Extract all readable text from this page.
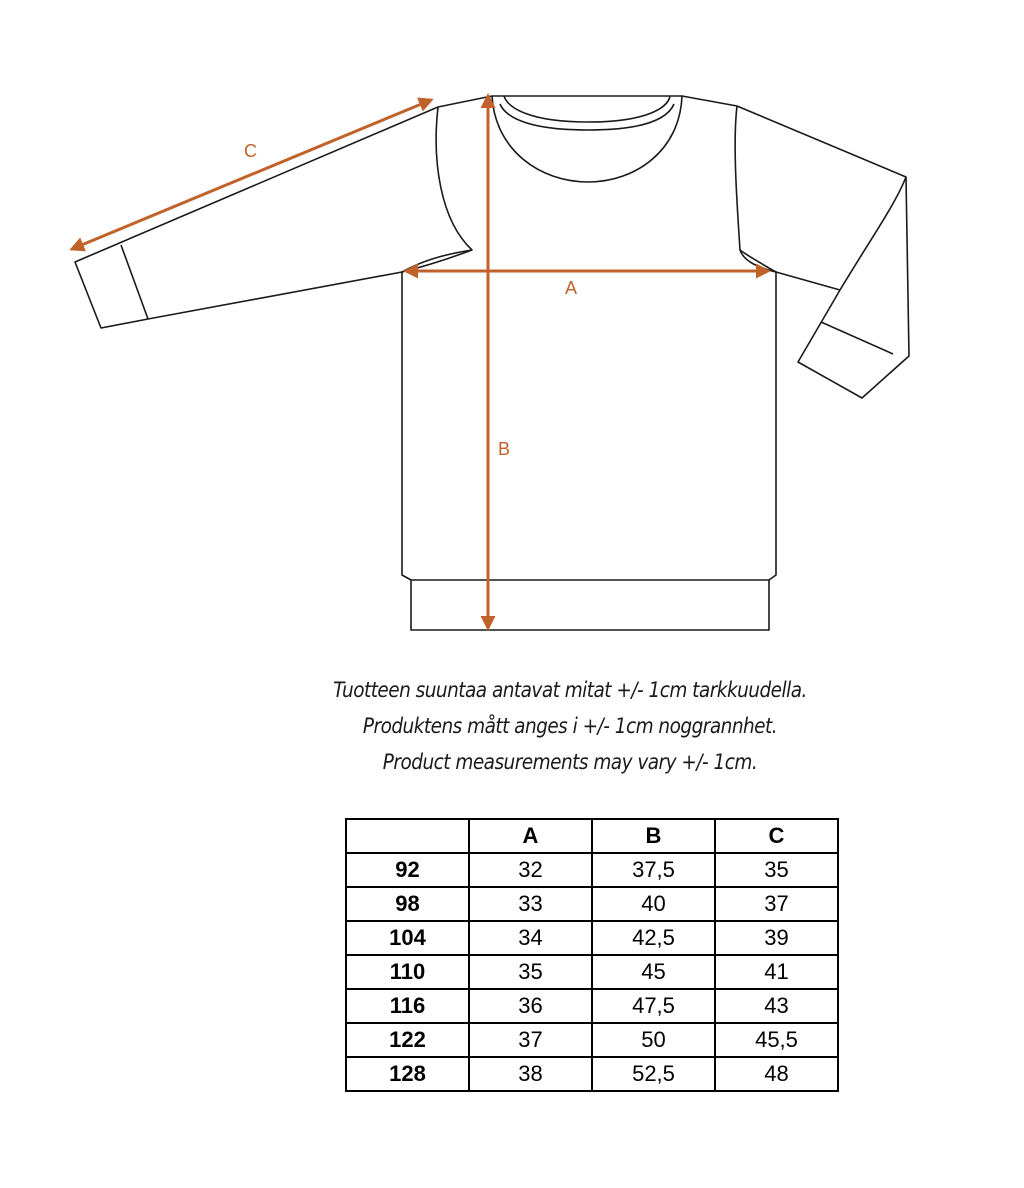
A
B
C
Tuotteen suuntaa antavat mitat +/- 1cm tarkkuudella.
Produktens mått anges i +/- 1cm noggrannhet.
Product measurements may vary +/- 1cm.
	A	B	C
92	32	37,5	35
98	33	40	37
104	34	42,5	39
110	35	45	41
116	36	47,5	43
122	37	50	45,5
128	38	52,5	48
